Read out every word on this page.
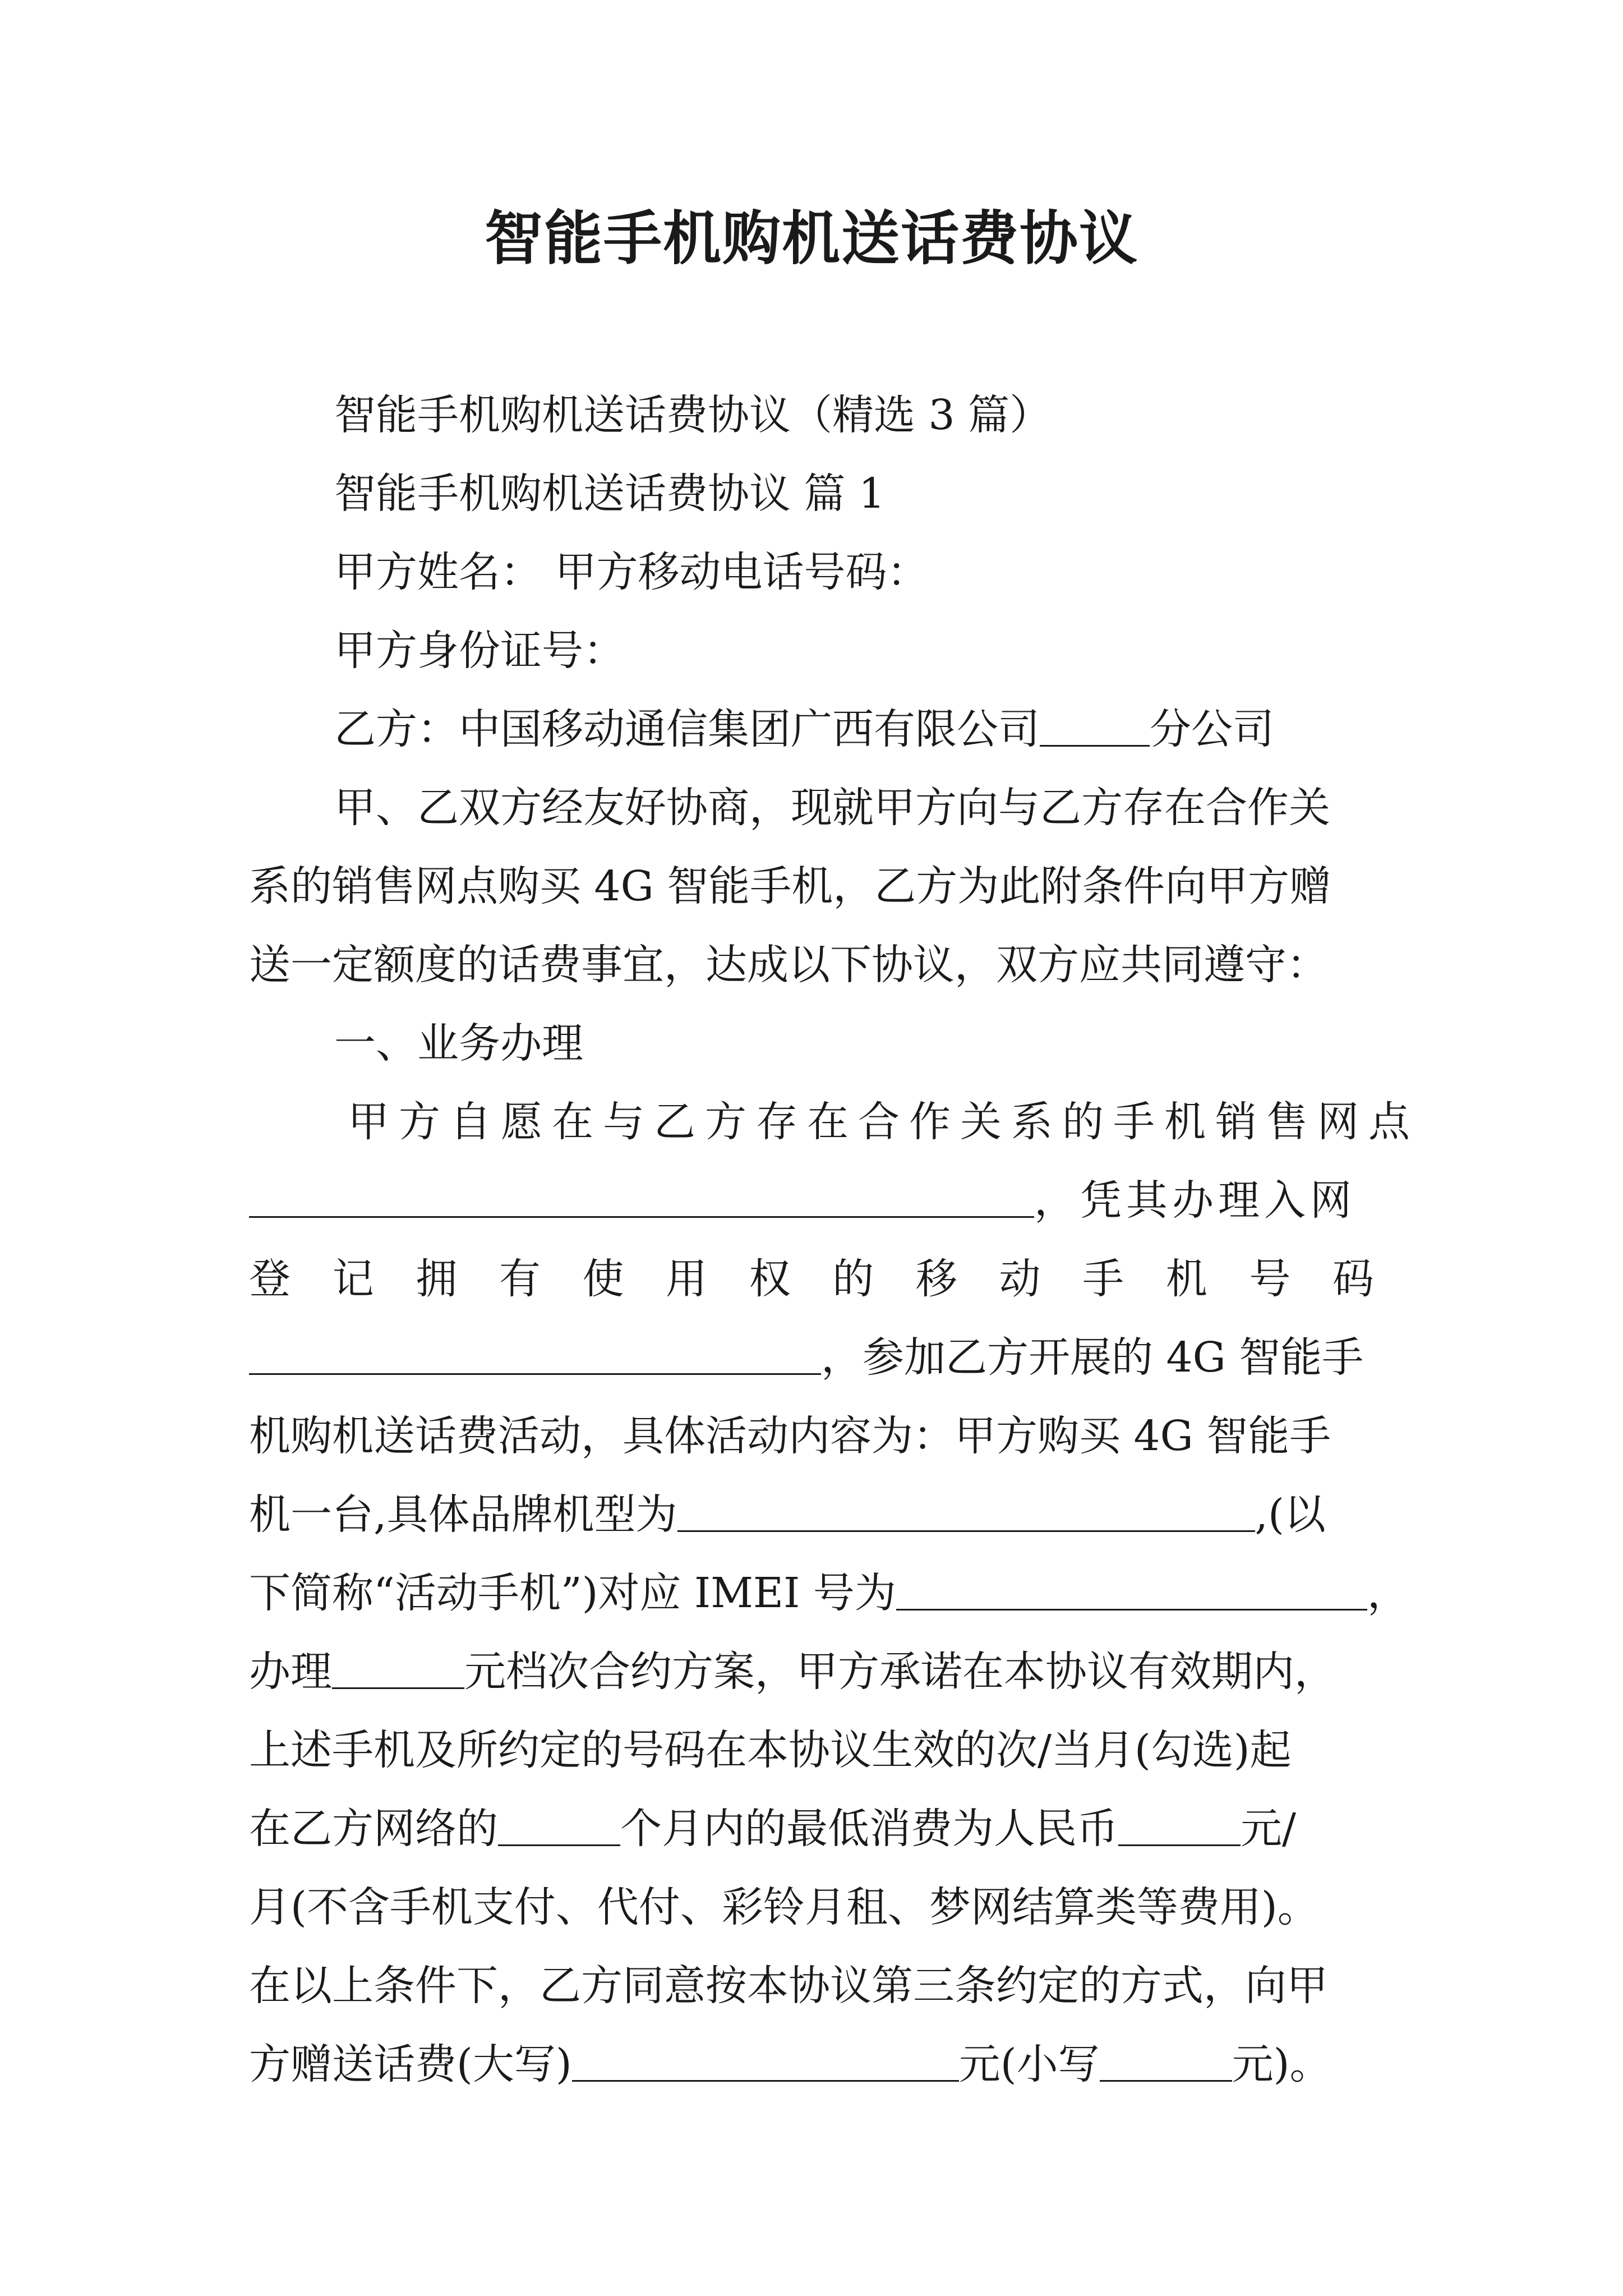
智能手机购机送话费协议
智能手机购机送话费协议（精选 3 篇）
智能手机购机送话费协议 篇 1
甲方姓名： 甲方移动电话号码：
甲方身份证号：
乙方：中国移动通信集团广西有限公司	分公司
甲、乙双方经友好协商，现就甲方向与乙方存在合作关
系的销售网点购买 4G 智能手机，乙方为此附条件向甲方赠
送一定额度的话费事宜，达成以下协议，双方应共同遵守：
一、业务办理
甲方自愿在与乙方存在合作关系的手机销售网点
，凭其办理入网
登 记 拥 有 使 用 权 的 移 动 手 机 号 码
，参加乙方开展的 4G 智能手
机购机送话费活动，具体活动内容为：甲方购买 4G 智能手
机一台,具体品牌机型为	,(以
下简称“活动手机”)对应 IMEI 号为	，
办理	元档次合约方案，甲方承诺在本协议有效期内，
上述手机及所约定的号码在本协议生效的次/当月(勾选)起
在乙方网络的	个月内的最低消费为人民币	元/
月(不含手机支付、代付、彩铃月租、梦网结算类等费用)。
在以上条件下，乙方同意按本协议第三条约定的方式，向甲
方赠送话费(大写)	元(小写	元)。
